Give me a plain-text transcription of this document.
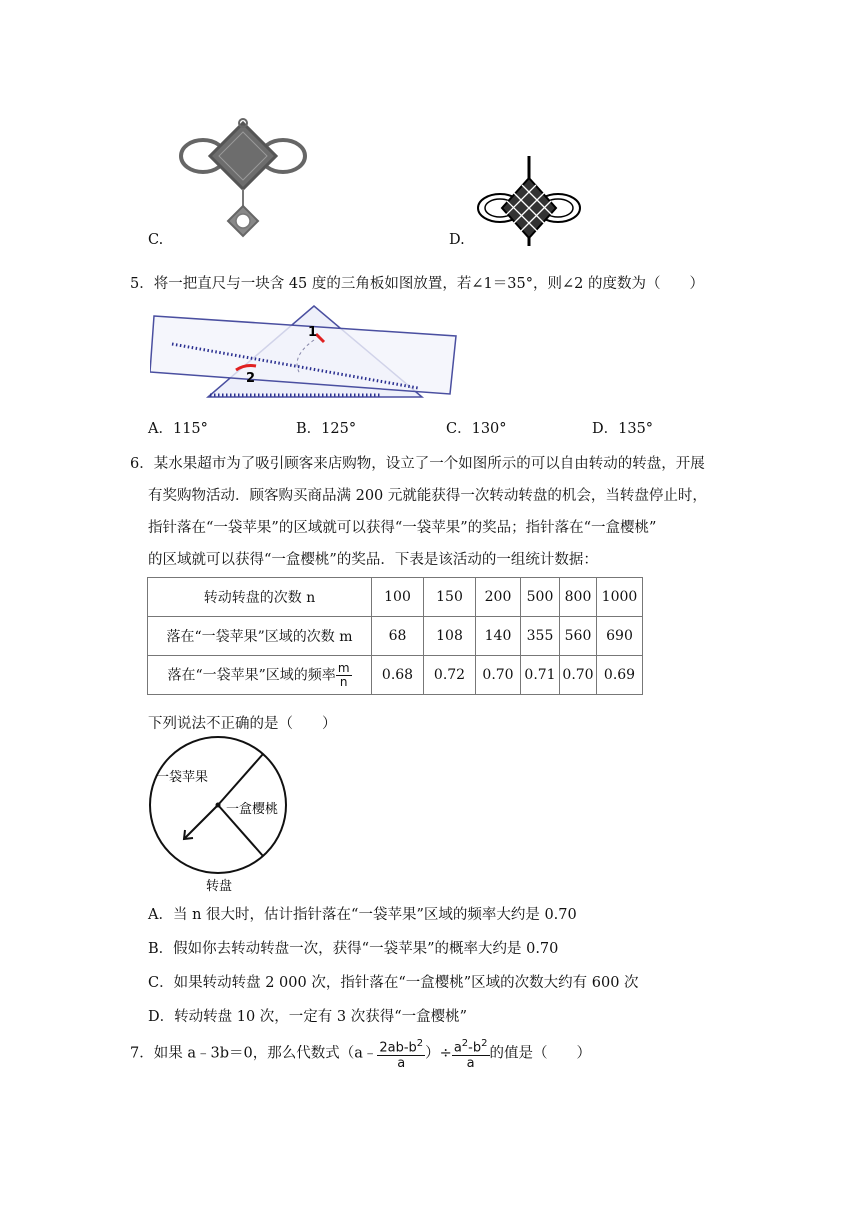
C.	D.
5．将一把直尺与一块含 45 度的三角板如图放置，若∠1＝35°，则∠2 的度数为（　　）
1
2
A．115°	B．125°	C．130°	D．135°
6．某水果超市为了吸引顾客来店购物，设立了一个如图所示的可以自由转动的转盘，开展
有奖购物活动．顾客购买商品满 200 元就能获得一次转动转盘的机会，当转盘停止时，
指针落在“一袋苹果”的区域就可以获得“一袋苹果”的奖品；指针落在“一盒樱桃”
的区域就可以获得“一盒樱桃”的奖品．下表是该活动的一组统计数据：
转动转盘的次数 n	100	150	200	500	800	1000
落在“一袋苹果”区域的次数 m	68	108	140	355	560	690
落在“一袋苹果”区域的频率 $\frac{m}{n}$	0.68	0.72	0.70	0.71	0.70	0.69
下列说法不正确的是（　　）
一袋苹果
一盒樱桃
转盘
A．当 n 很大时，估计指针落在“一袋苹果”区域的频率大约是 0.70
B．假如你去转动转盘一次，获得“一袋苹果”的概率大约是 0.70
C．如果转动转盘 2 000 次，指针落在“一盒樱桃”区域的次数大约有 600 次
D．转动转盘 10 次，一定有 3 次获得“一盒樱桃”
7．如果 a﹣3b＝0，那么代数式（a﹣ $\frac{2ab-b^2}{a}$ ）÷ $\frac{a^2-b^2}{a}$ 的值是（　　）
